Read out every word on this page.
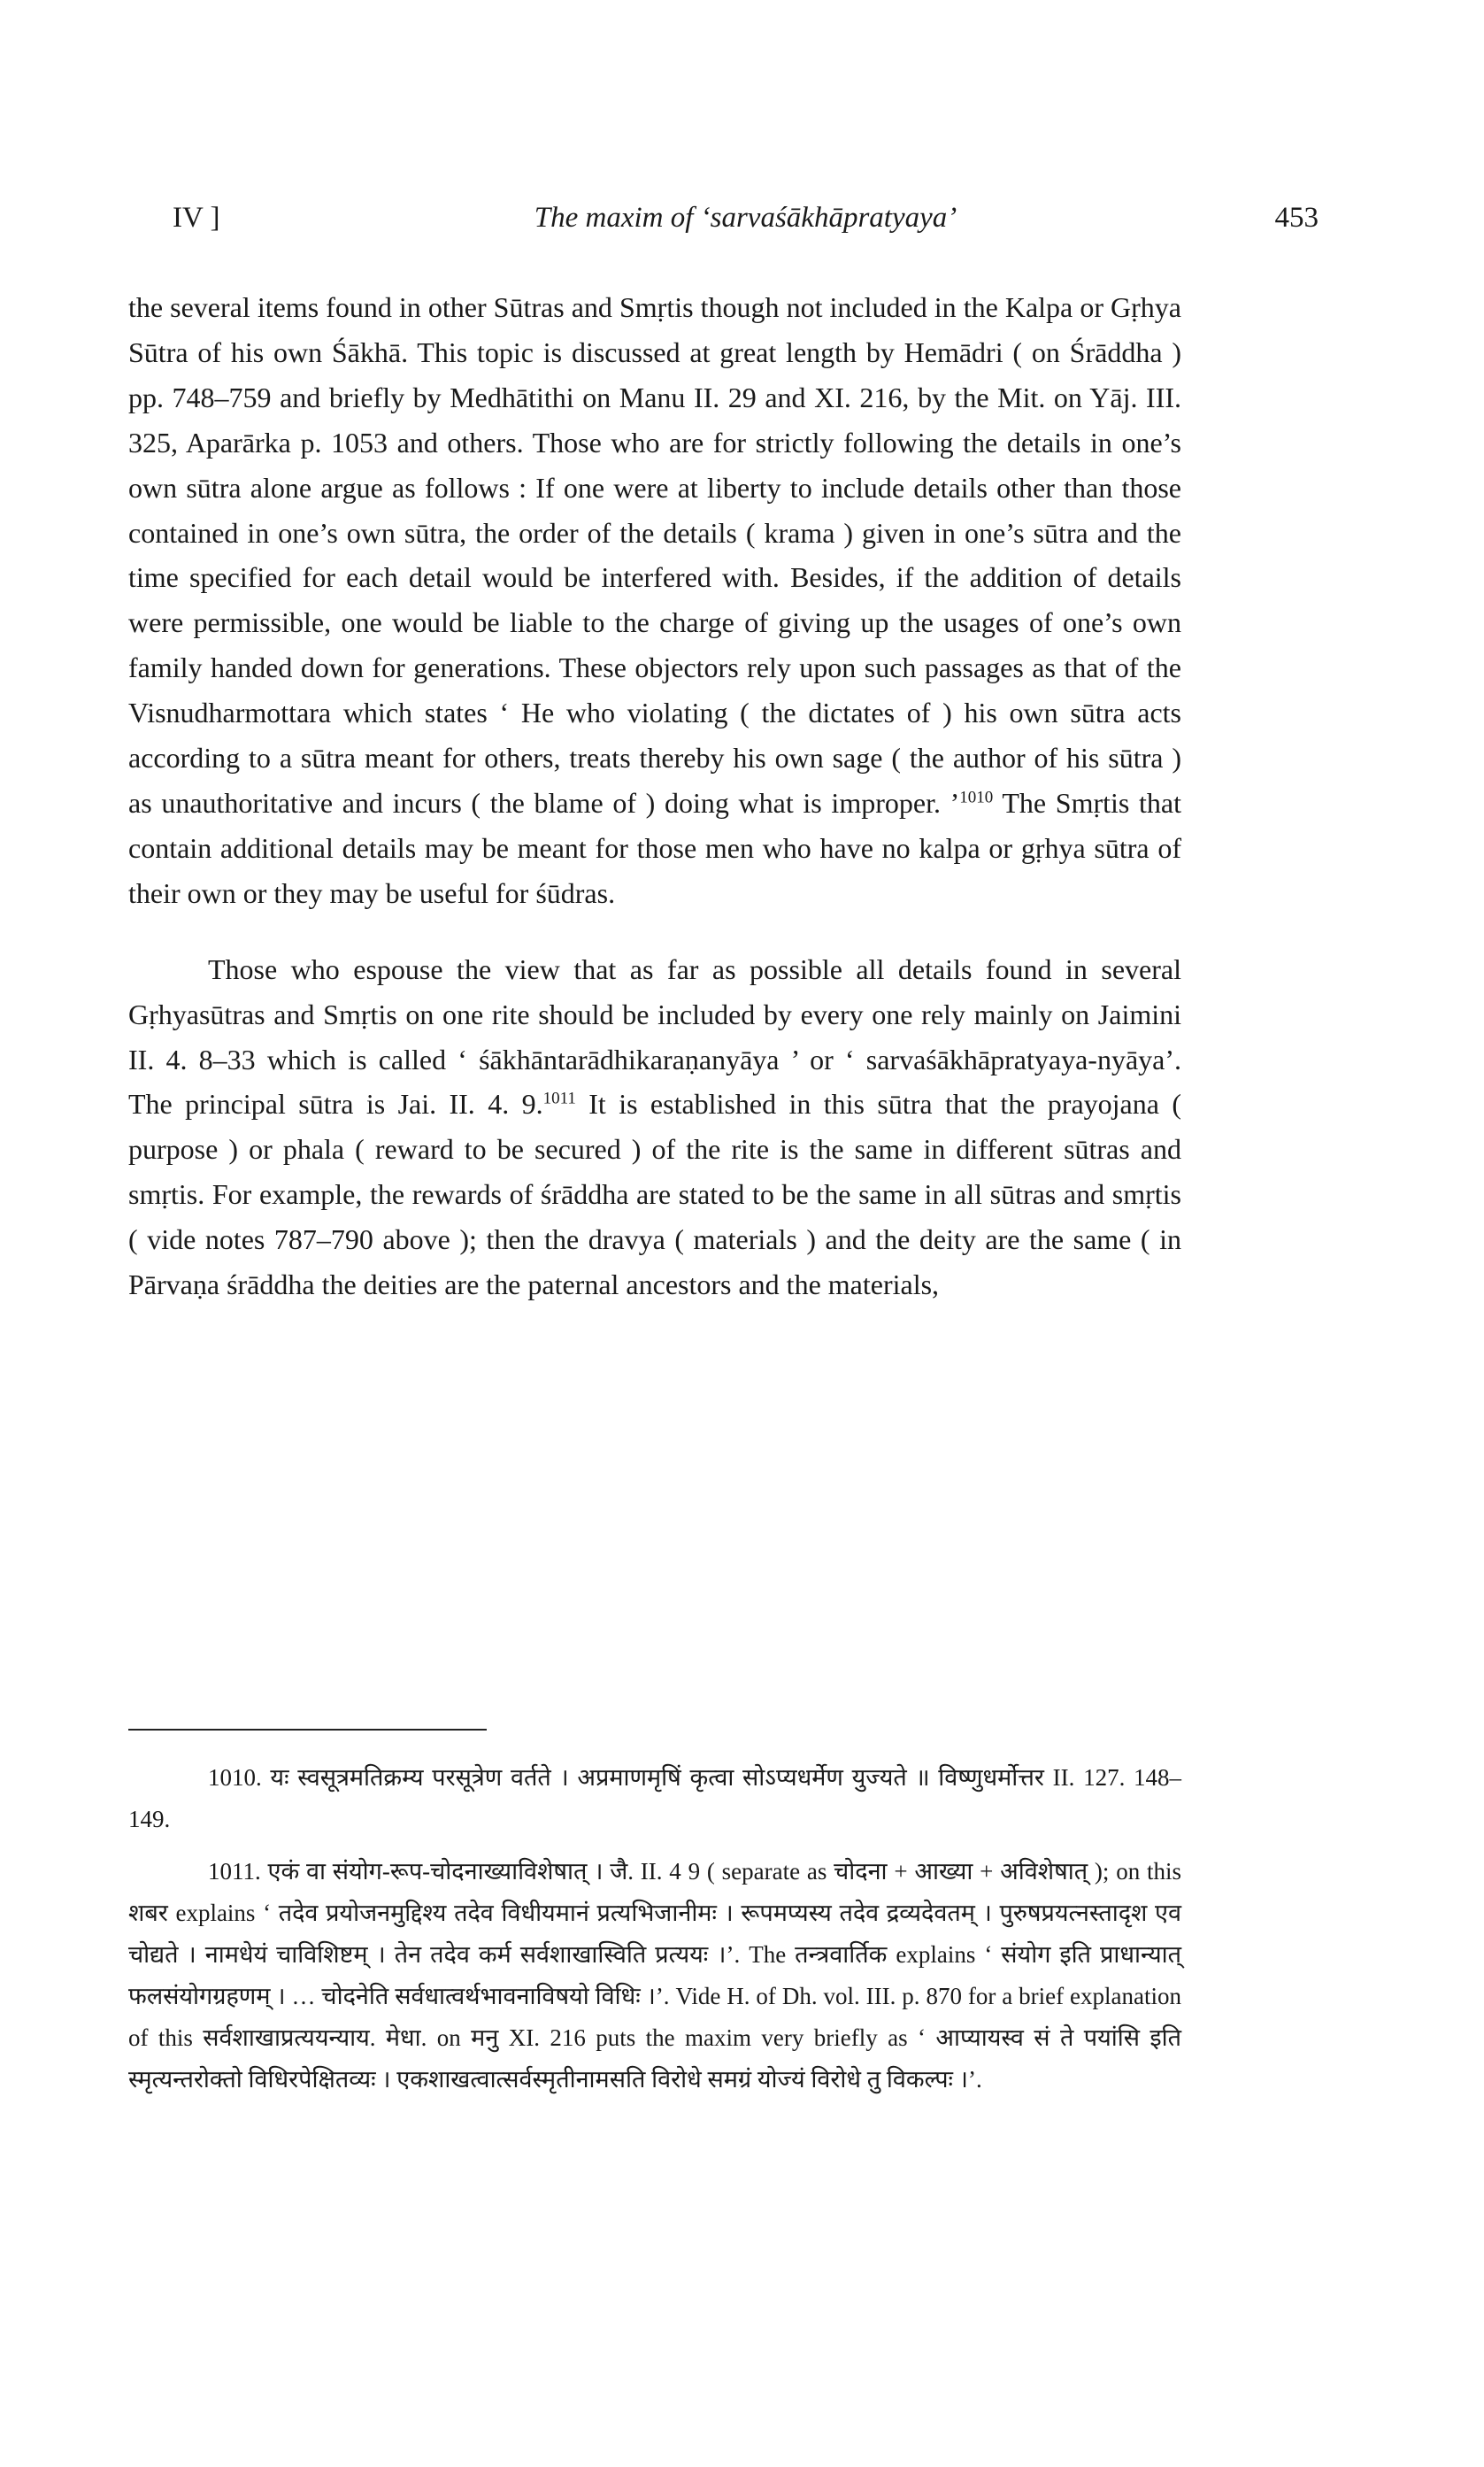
IV ]	The maxim of ‘sarvaśākhāpratyaya’	453

the several items found in other Sūtras and Smṛtis though not included in the Kalpa or Gṛhya Sūtra of his own Śākhā. This topic is discussed at great length by Hemādri ( on Śrāddha ) pp. 748–759 and briefly by Medhātithi on Manu II. 29 and XI. 216, by the Mit. on Yāj. III. 325, Aparārka p. 1053 and others. Those who are for strictly following the details in one’s own sūtra alone argue as follows : If one were at liberty to include details other than those contained in one’s own sūtra, the order of the details ( krama ) given in one’s sūtra and the time specified for each detail would be interfered with. Besides, if the addition of details were permissible, one would be liable to the charge of giving up the usages of one’s own family handed down for generations. These objectors rely upon such passages as that of the Visnudharmottara which states ‘ He who violating ( the dictates of ) his own sūtra acts according to a sūtra meant for others, treats thereby his own sage ( the author of his sūtra ) as unauthoritative and incurs ( the blame of ) doing what is improper. ’$^{1010}$ The Smṛtis that contain additional details may be meant for those men who have no kalpa or gṛhya sūtra of their own or they may be useful for śūdras.

Those who espouse the view that as far as possible all details found in several Gṛhyasūtras and Smṛtis on one rite should be included by every one rely mainly on Jaimini II. 4. 8–33 which is called ‘ śākhāntarādhikaraṇanyāya ’ or ‘ sarvaśākhāpratyaya-nyāya’. The principal sūtra is Jai. II. 4. 9.$^{1011}$ It is established in this sūtra that the prayojana ( purpose ) or phala ( reward to be secured ) of the rite is the same in different sūtras and smṛtis. For example, the rewards of śrāddha are stated to be the same in all sūtras and smṛtis ( vide notes 787–790 above ); then the dravya ( materials ) and the deity are the same ( in Pārvaṇa śrāddha the deities are the paternal ancestors and the materials,

1010. यः स्वसूत्रमतिक्रम्य परसूत्रेण वर्तते । अप्रमाणमृषिं कृत्वा सोऽप्यधर्मेण युज्यते ॥ विष्णुधर्मोत्तर II. 127. 148–149.

1011. एकं वा संयोग-रूप-चोदनाख्याविशेषात् । जै. II. 4 9 ( separate as चोदना + आख्या + अविशेषात् ); on this शबर explains ‘ तदेव प्रयोजनमुद्दिश्य तदेव विधीयमानं प्रत्यभिजानीमः । रूपमप्यस्य तदेव द्रव्यदेवतम् । पुरुषप्रयत्नस्तादृश एव चोद्यते । नामधेयं चाविशिष्टम् । तेन तदेव कर्म सर्वशाखास्विति प्रत्ययः ।’. The तन्त्रवार्तिक explains ‘ संयोग इति प्राधान्यात् फलसंयोगग्रहणम् । … चोदनेति सर्वधात्वर्थभावनाविषयो विधिः ।’. Vide H. of Dh. vol. III. p. 870 for a brief explanation of this सर्वशाखाप्रत्ययन्याय. मेधा. on मनु XI. 216 puts the maxim very briefly as ‘ आप्यायस्व सं ते पयांसि इति स्मृत्यन्तरोक्तो विधिरपेक्षितव्यः । एकशाखत्वात्सर्वस्मृतीनामसति विरोधे समग्रं योज्यं विरोधे तु विकल्पः ।’.
